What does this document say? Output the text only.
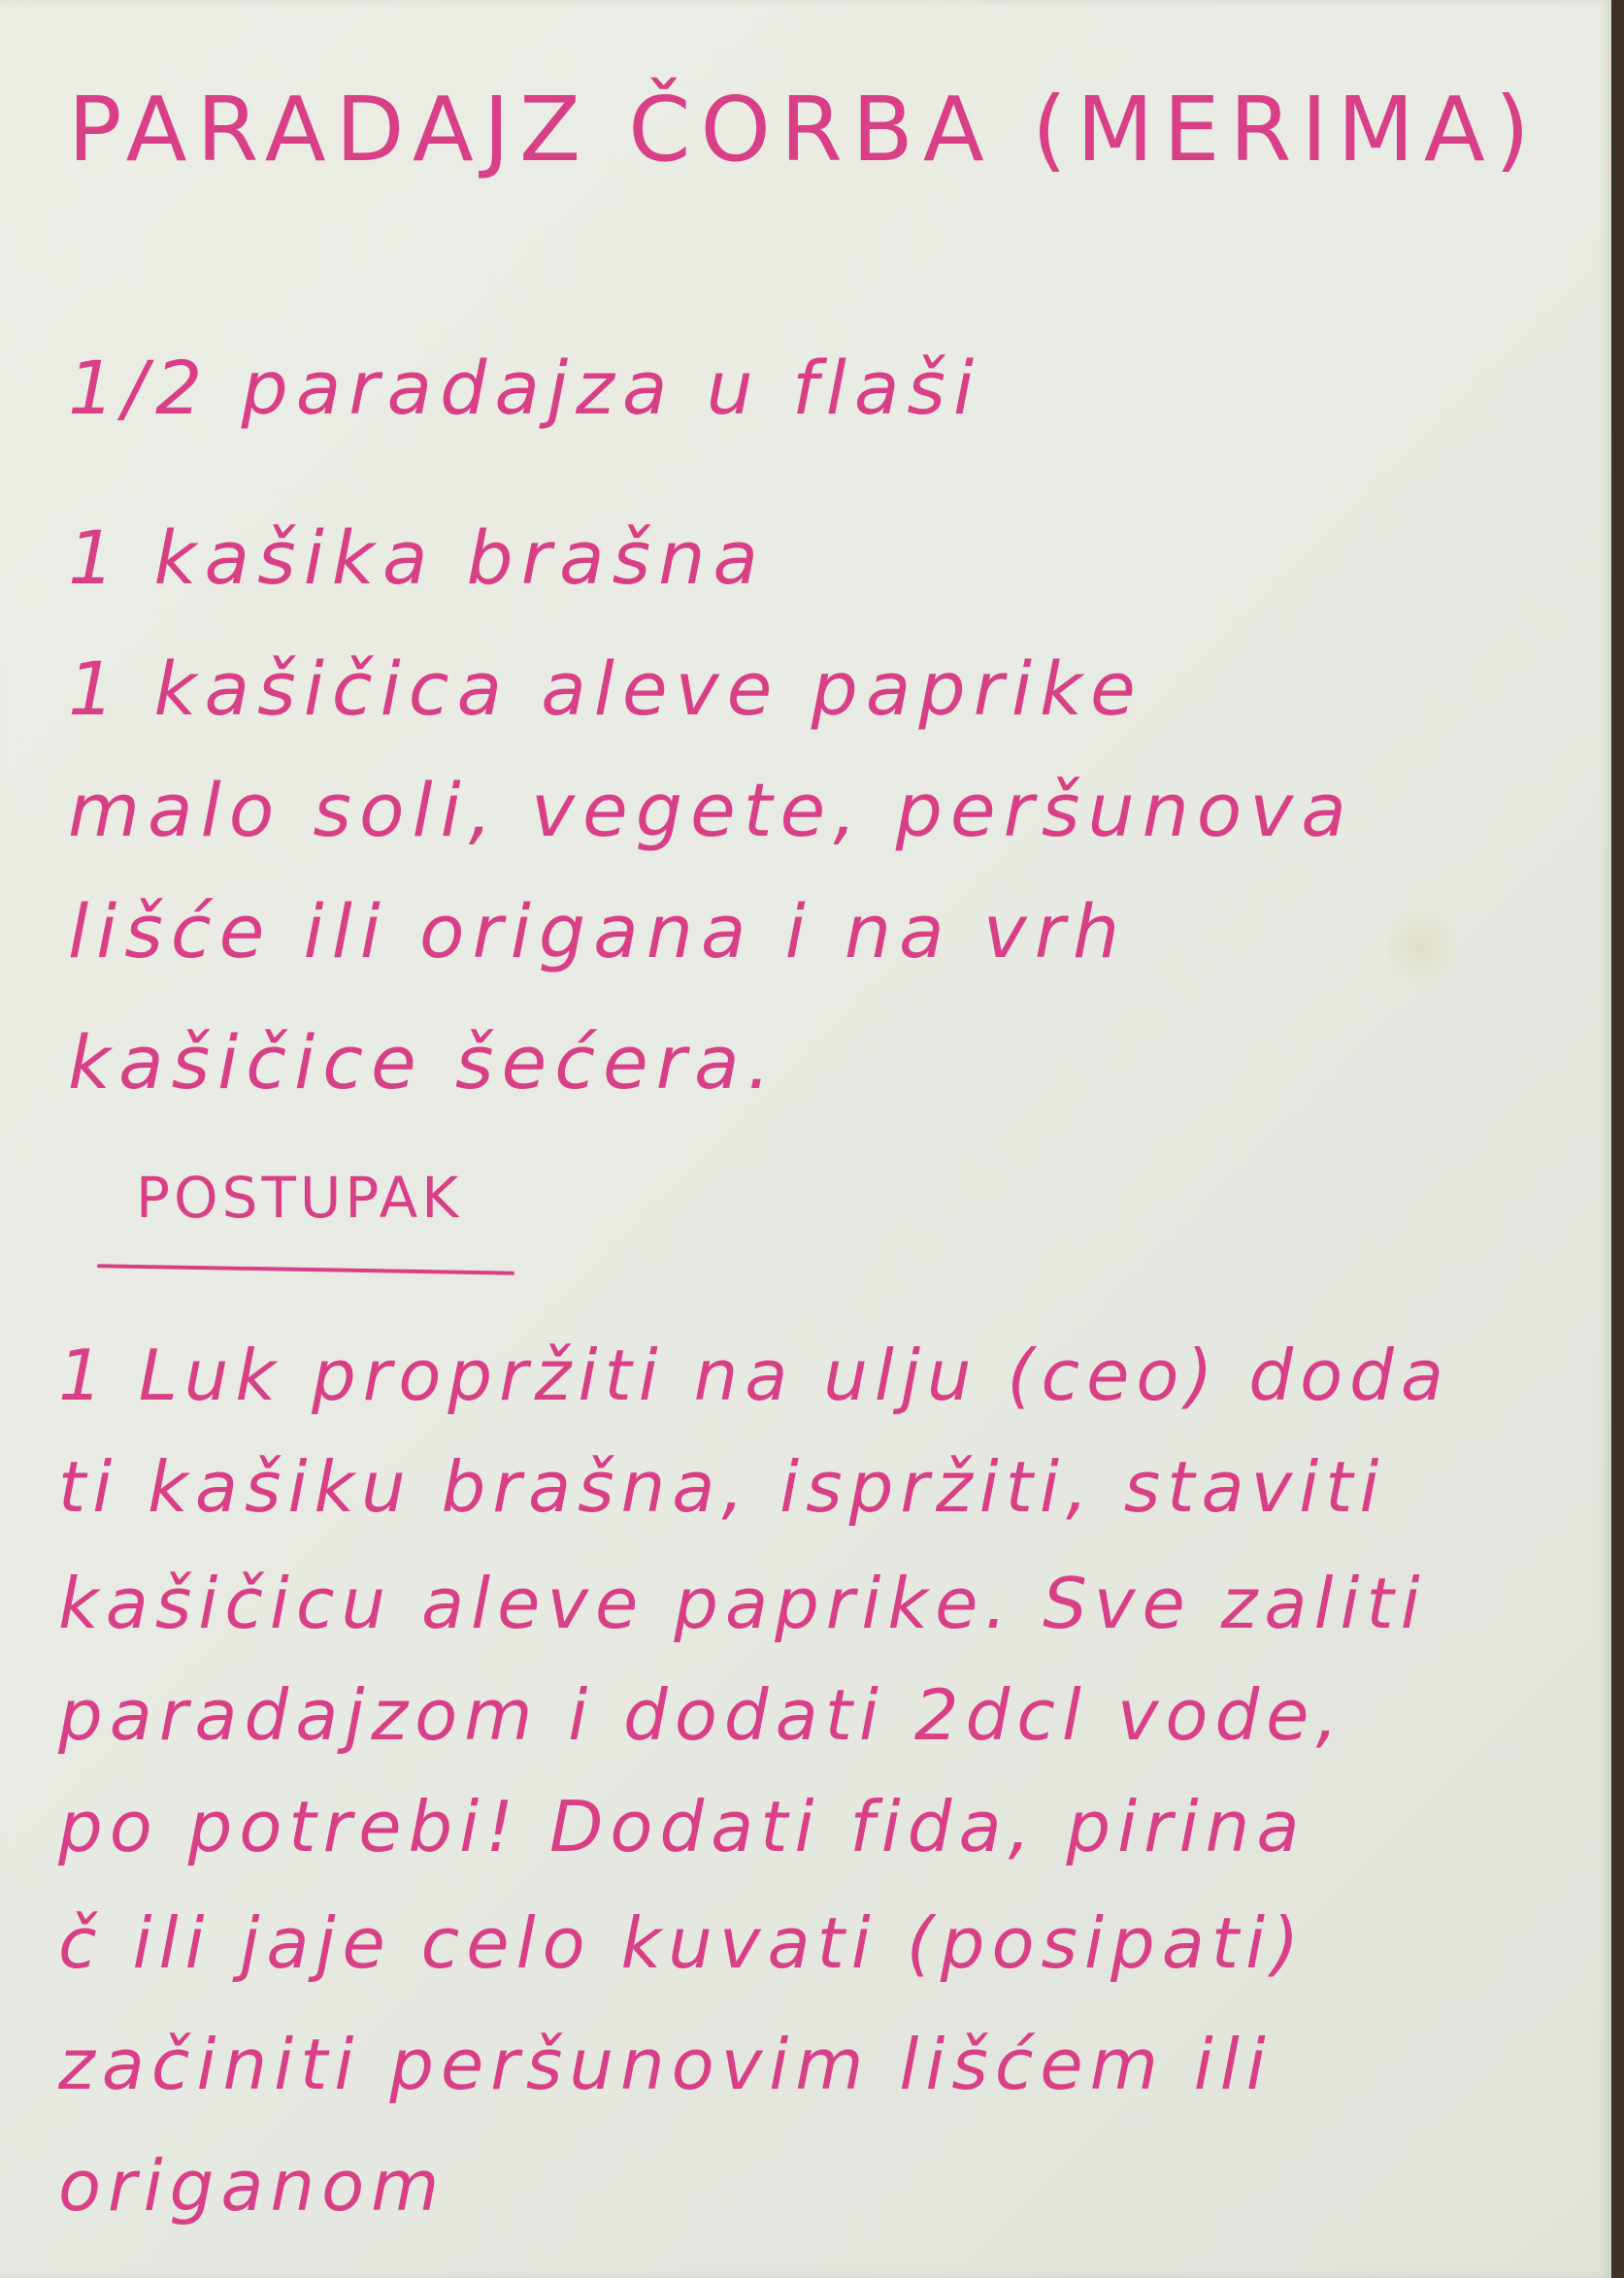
PARADAJZ ČORBA (MERIMA)
1/2 paradajza u flaši
1 kašika brašna
1 kašičica aleve paprike
malo soli, vegete, peršunova
lišće ili origana i na vrh
kašičice šećera.
POSTUPAK
1 Luk propržiti na ulju (ceo) doda
ti kašiku brašna, ispržiti, staviti
kašičicu aleve paprike. Sve zaliti
paradajzom i dodati 2dcl vode,
po potrebi! Dodati fida, pirina
č ili jaje celo kuvati (posipati)
začiniti peršunovim lišćem ili
origanom
